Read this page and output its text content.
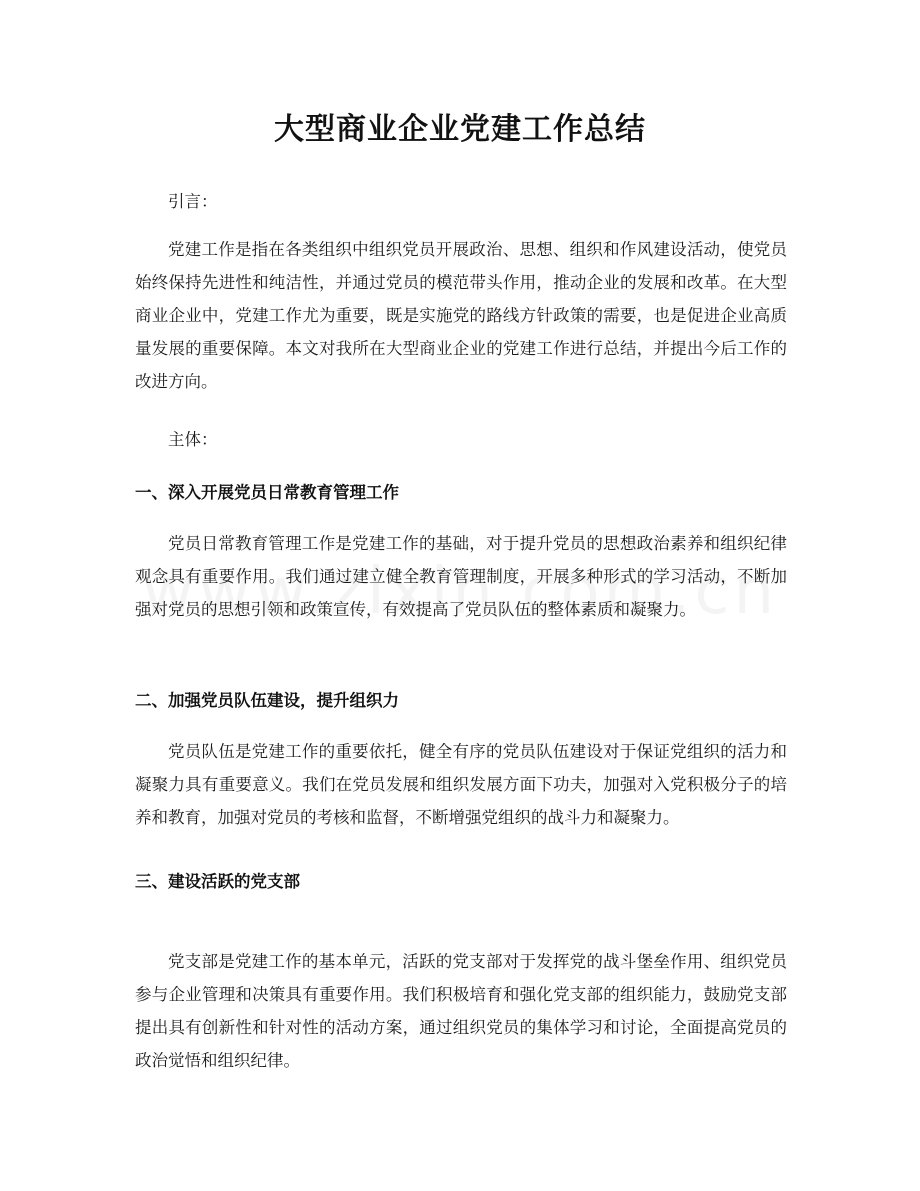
大型商业企业党建工作总结
引言：

党建工作是指在各类组织中组织党员开展政治、思想、组织和作风建设活动，使党员始终保持先进性和纯洁性，并通过党员的模范带头作用，推动企业的发展和改革。在大型商业企业中，党建工作尤为重要，既是实施党的路线方针政策的需要，也是促进企业高质量发展的重要保障。本文对我所在大型商业企业的党建工作进行总结，并提出今后工作的改进方向。

主体：
一、深入开展党员日常教育管理工作

党员日常教育管理工作是党建工作的基础，对于提升党员的思想政治素养和组织纪律观念具有重要作用。我们通过建立健全教育管理制度，开展多种形式的学习活动，不断加强对党员的思想引领和政策宣传，有效提高了党员队伍的整体素质和凝聚力。

二、加强党员队伍建设，提升组织力

党员队伍是党建工作的重要依托，健全有序的党员队伍建设对于保证党组织的活力和凝聚力具有重要意义。我们在党员发展和组织发展方面下功夫，加强对入党积极分子的培养和教育，加强对党员的考核和监督，不断增强党组织的战斗力和凝聚力。

三、建设活跃的党支部

党支部是党建工作的基本单元，活跃的党支部对于发挥党的战斗堡垒作用、组织党员参与企业管理和决策具有重要作用。我们积极培育和强化党支部的组织能力，鼓励党支部提出具有创新性和针对性的活动方案，通过组织党员的集体学习和讨论，全面提高党员的政治觉悟和组织纪律。
